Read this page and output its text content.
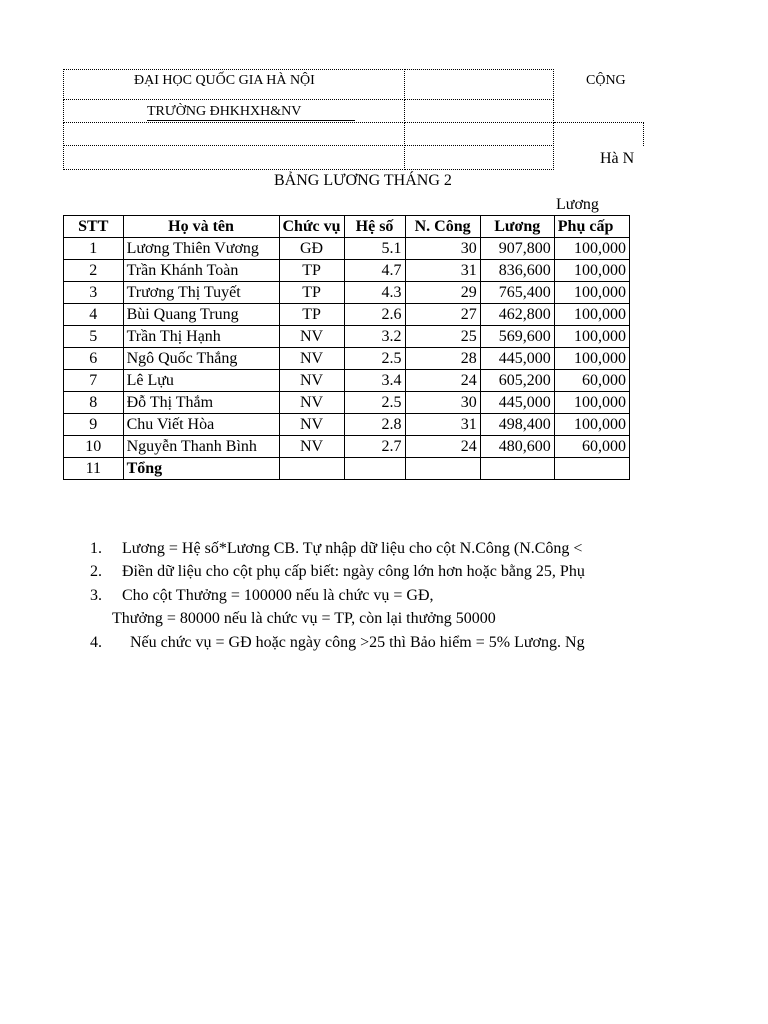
ĐẠI HỌC QUỐC GIA HÀ NỘI
TRƯỜNG ĐHKHXH&NV
CỘNG
Hà N
BẢNG LƯƠNG THÁNG 2
Lương
STT	Họ và tên	Chức vụ	Hệ số	N. Công	Lương	Phụ cấp
1	Lương Thiên Vương	GĐ	5.1	30	907,800	100,000
2	Trần Khánh Toàn	TP	4.7	31	836,600	100,000
3	Trương Thị Tuyết	TP	4.3	29	765,400	100,000
4	Bùi Quang Trung	TP	2.6	27	462,800	100,000
5	Trần Thị Hạnh	NV	3.2	25	569,600	100,000
6	Ngô Quốc Thắng	NV	2.5	28	445,000	100,000
7	Lê Lựu	NV	3.4	24	605,200	60,000
8	Đỗ Thị Thắm	NV	2.5	30	445,000	100,000
9	Chu Viết Hòa	NV	2.8	31	498,400	100,000
10	Nguyễn Thanh Bình	NV	2.7	24	480,600	60,000
11	Tổng					
1. Lương = Hệ số*Lương CB. Tự nhập dữ liệu cho cột N.Công (N.Công <
2. Điền dữ liệu cho cột phụ cấp biết: ngày công lớn hơn hoặc bằng 25, Phụ
3. Cho cột Thưởng = 100000 nếu là chức vụ = GĐ,
Thưởng = 80000 nếu là chức vụ = TP, còn lại thưởng 50000
4.  Nếu chức vụ = GĐ hoặc ngày công >25 thì Bảo hiểm = 5% Lương. Ng
